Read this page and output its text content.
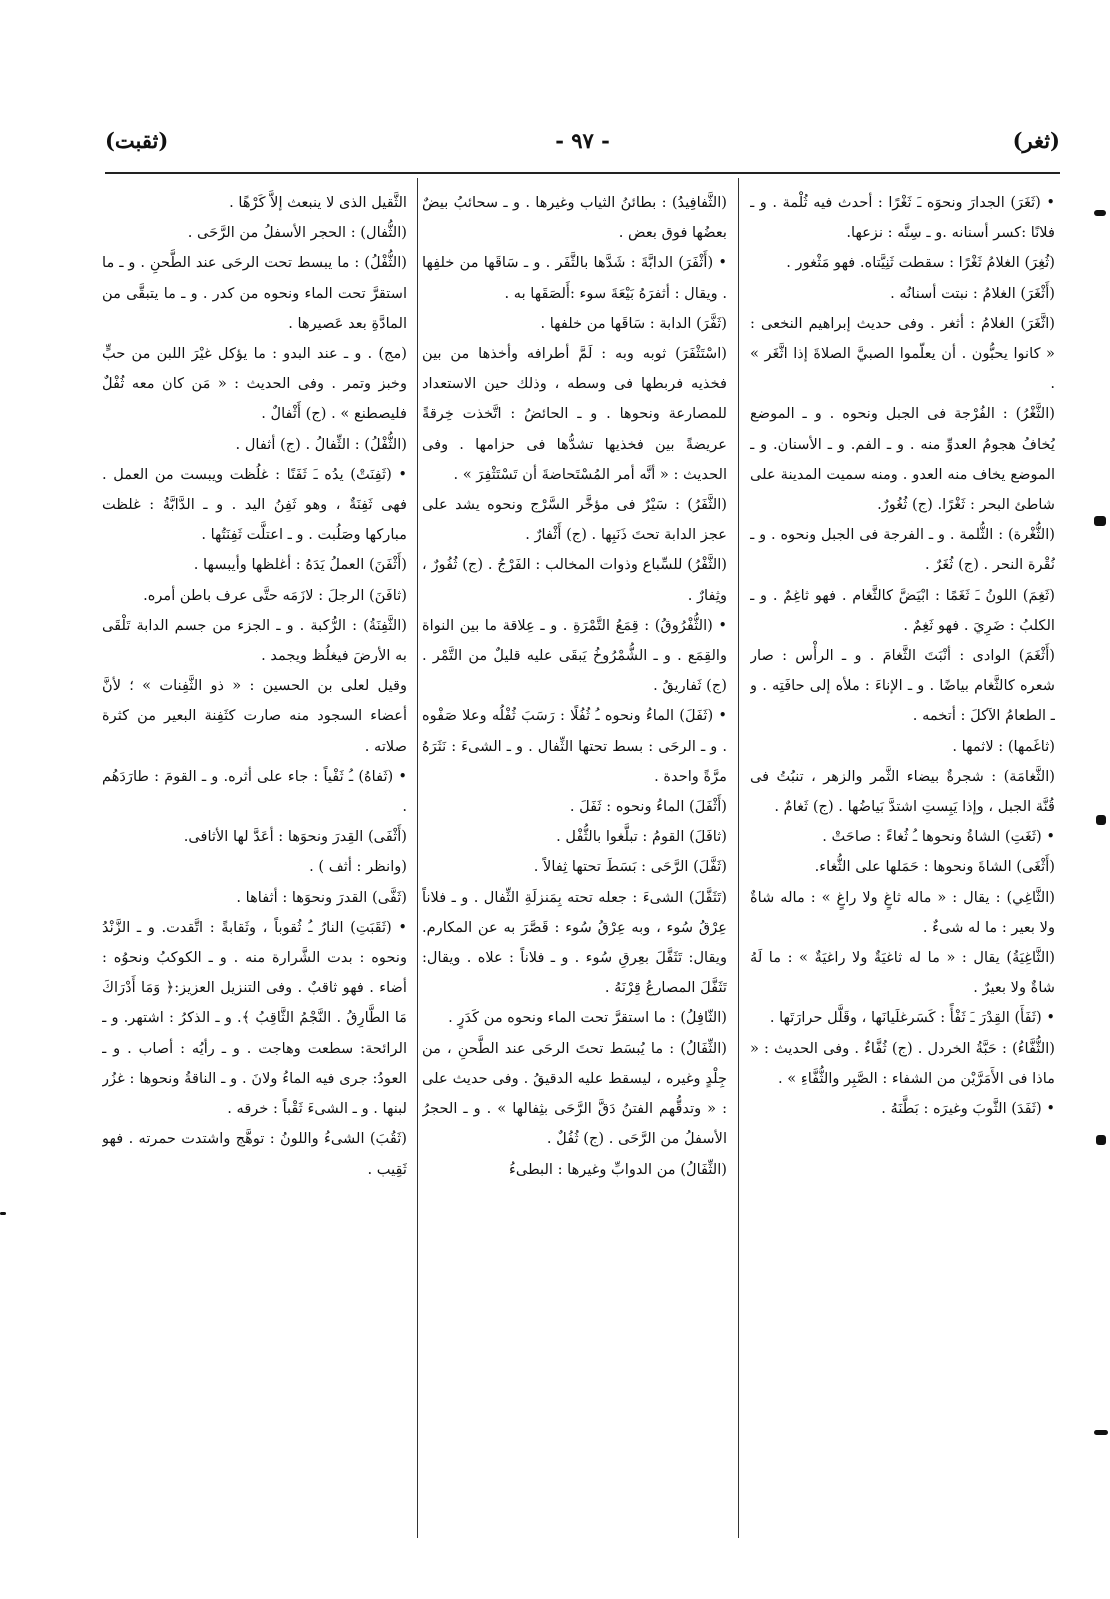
(ثغر)
- ٩٧ -
(ثقبت)

• (ثَغَرَ) الجدارَ ونحوَه ـَ ثَغْرًا : أحدث فيه ثُلْمة . و ـ فلانًا :كسر أسنانه .و ـ سِنَّه : نزعها.

(ثُغِرَ) الغلامُ ثَغْرًا : سقطت ثَنِيَّتاه. فهو مَثْغور .

(أَثْغَرَ) الغلامُ : نبتت أسنانُه .

(اثَّغَرَ) الغلامُ : أثغر . وفى حديث إبراهيم النخعى : « كانوا يحبُّون . أن يعلّموا الصبيَّ الصلاةَ إذا اثَّغَر » .

(الثَّغْرُ) : الفُرْجة فى الجبل ونحوه . و ـ الموضع يُخافُ هجومُ العدوِّ منه . و ـ الفم. و ـ الأسنان. و ـ الموضع يخاف منه العدو . ومنه سميت المدينة على شاطئ البحر : ثَغْرًا. (ج) ثُغُورٌ.

(الثُّغْرة) : الثُّلمة . و ـ الفرجة فى الجبل ونحوه . و ـ نُقْرة النحر . (ج) ثُغَرٌ .

(ثَغِمَ) اللونُ ـَ ثَغَمًا : ابْيَضَّ كالثَّغام . فهو ثاغِمٌ . و ـ الكلبُ : ضَرِيَ . فهو ثَغِمٌ .

(أَثْغَمَ) الوادى : أنْبَتَ الثَّغامَ . و ـ الرأْس : صار شعره كالثَّغام بياضًا . و ـ الإناءَ : ملأه إلى حافَتِه . و ـ الطعامُ الآكلَ : أتخمه .

(ثاغَمها) : لاثمها .

(الثَّغامَة) : شجرةٌ بيضاء الثَّمر والزهر ، تنبُتُ فى قُنَّة الجبل ، وإذا يَبِستِ اشتدَّ بَياضُها . (ج) ثَغامٌ .

• (ثَغَتِ) الشاةُ ونحوها ـُ ثُغاءً : صاحَتْ .

(أَثْغَى) الشاةَ ونحوها : حَمَلها على الثُّغاء.

(الثَّاغِي) : يقال : « ماله ثاغٍ ولا راغٍ » : ماله شاةٌ ولا بعير : ما له شىءٌ .

(الثَّاغِيَةُ) يقال : « ما له ثاغيَةٌ ولا راغيَةٌ » : ما لَهُ شاةٌ ولا بعيرٌ .

• (ثَفَأَ) القِدْرَ ـَ ثَفْأً : كَسَرغلَيانَها ، وقَلَّل حرارَتَها .

(الثُّفَّاءُ) : حَبَّةُ الخردل . (ج) ثُفَّاءٌ . وفى الحديث : « ماذا فى الأَمَرَّيْن من الشفاء : الصَّبِر والثُّفَّاءِ » .

• (ثَفَدَ) الثَّوبَ وغيرَه : بَطَّنَهُ .

(الثَّفافِيدُ) : بطائنُ الثياب وغيرها . و ـ سحائبُ بيضٌ بعضُها فوق بعض .

• (أَثْفَرَ) الدابَّةَ : شَدَّها بالثَّفَر . و ـ سَاقَها من خلفِها . ويقال : أثفرَهُ بَيْعَةَ سوء :أَلصَقَها به .

(ثَفَّرَ) الدابة : سَاقَها من خلفها .

(اسْتَثْفَرَ) ثوبه وبه : لَمَّ أطرافه وأخذها من بين فخذيه فربطها فى وسطه ، وذلك حين الاستعداد للمصارعة ونحوها . و ـ الحائضُ : اتَّخذت خِرقةً عريضةً بين فخذيها تشدُّها فى حزامها . وفى الحديث : « أنَّه أمر المُسْتَحاضةَ أن تَسْتَثْفِرَ » .

(الثَّفَرُ) : سَيْرٌ فى مؤخَّر السَّرْج ونحوه يشد على عجز الدابة تحتَ ذَنَبِها . (ج) أَثْفارٌ .

(الثَّفْرُ) للسِّباع وذوات المخالب : الفَرْجُ . (ج) ثُفُورٌ ، وثِفارٌ .

• (الثُّفْرُوقُ) : قِمَعُ التَّمْرَةِ . و ـ عِلاقة ما بين النواة والقِمَع . و ـ الشُّمْرُوخُ يَبقَى عليه قليلٌ من التَّمْر . (ج) ثَفاريقُ .

• (ثَفَلَ) الماءُ ونحوه ـُ ثُفُلًا : رَسَبَ ثُفْلُه وعلا صَفْوه . و ـ الرحَى : بسط تحتها الثِّفال . و ـ الشىءَ : نَثَرَهُ مرَّةً واحدة .

(أَثْفَلَ) الماءُ ونحوه : ثَفَلَ .

(ثافَلَ) القومُ : تبلَّغوا بالثُّفْل .

(ثَفَّلَ) الرَّحَى : بَسَطَ تحتها ثِفالاً .

(تَثَفَّلَ) الشىءَ : جعله تحته بِمَنزلَةِ الثِّفال . و ـ فلاناً عِرْقُ سُوء ، وبه عِرْقُ سُوء : قَصَّرَ به عن المكارم. ويقال: تَثَفَّلَ بعِرقِ سُوء . و ـ فلاناً : علاه . ويقال: تَثَفَّلَ المصارعُ قِرْنَهُ .

(الثّافِلُ) : ما استقرَّ تحت الماء ونحوه من كَدَرٍ .

(الثِّفَالُ) : ما يُبسَط تحتَ الرحَى عند الطَّحنِ ، من جِلْدٍ وغيره ، ليسقط عليه الدقيقُ . وفى حديث على : « وتدقُّهم الفتنُ دَقَّ الرَّحَى بثِفالها » . و ـ الحجرُ الأسفلُ من الرَّحَى . (ج) ثُفُلٌ .

(الثِّفَالُ) من الدوابِّ وغيرها : البطىءُ

الثَّقيل الذى لا ينبعث إلاَّ كَرْهًا .

(الثُّفال) : الحجر الأسفلُ من الرَّحَى .

(الثُّفْلُ) : ما يبسط تحت الرحَى عند الطَّحنِ . و ـ ما استقرَّ تحت الماء ونحوه من كدر . و ـ ما يتبقَّى من المادَّةِ بعد عَصيرها .

(مج) . و ـ عند البدو : ما يؤكل غيْرَ اللبن من حبٍّ وخبز وتمر . وفى الحديث : « مَن كان معه ثُفْلٌ فليصطنع » . (ج) أَثْفالٌ .

(الثُّفْلُ) : الثِّفالُ . (ج) أثفال .

• (ثَفِنَتْ) يدُه ـَ ثَفَنًا : غلُظت ويبست من العمل . فهى ثَفِنَةٌ ، وهو ثَفِنُ اليد . و ـ الدَّابَّةُ : غلظت مباركها وصَلُبت . و ـ اعتلَّت ثَفِنَتُها .

(أَثْفَنَ) العملُ يَدَهُ : أغلظها وأيبسها .

(ثافَنَ) الرجلَ : لازَمَه حتَّى عرف باطن أمره.

(الثَّفِنَةُ) : الرُّكبة . و ـ الجزء من جسم الدابة تَلْقَى به الأرضَ فيغلُظ ويجمد .

وقيل لعلى بن الحسين : « ذو الثَّفِنات » ؛ لأنَّ أعضاء السجود منه صارت كثَفِنة البعير من كثرة صلاته .

• (ثَفاهُ) ـُ ثَفْياً : جاء على أثره. و ـ القومَ : طارَدَهُم .

(أَثْفَى) القِدرَ ونحوَها : أعَدَّ لها الأثافى.

(وانظر : أثف ) .

(ثَفَّى) القدرَ ونحوَها : أثفاها .

• (ثَقَبَتِ) النارُ ـُ ثُقوباً ، وثَقابةً : اتَّقدت. و ـ الزَّنْدُ ونحوه : بدت الشَّرارة منه . و ـ الكوكبُ ونحوُه : أضاء . فهو ثاقبٌ . وفى التنزيل العزيز:﴿ وَمَا أَدْرَاكَ مَا الطَّارِقُ . النَّجْمُ الثَّاقِبُ ﴾. و ـ الذكرُ : اشتهر. و ـ الرائحة: سطعت وهاجت . و ـ رأيُه : أصاب . و ـ العودُ: جرى فيه الماءُ ولانَ . و ـ الناقةُ ونحوها : غزُر لبنها . و ـ الشىءَ ثَقْباً : خرقه .

(ثَقُبَ) الشىءُ واللونُ : توهَّج واشتدت حمرته . فهو ثَقِيب .
